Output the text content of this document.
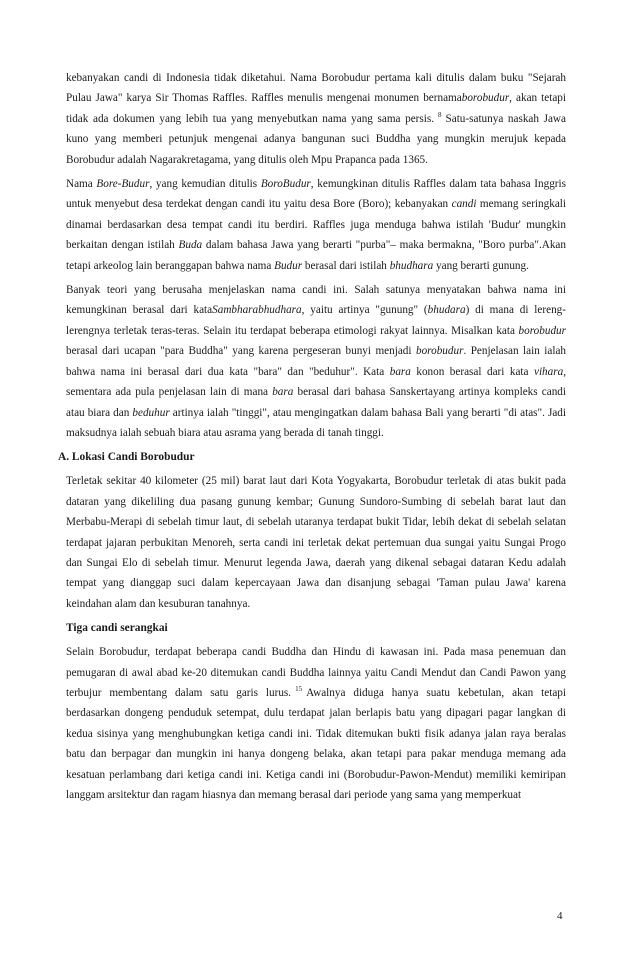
kebanyakan candi di Indonesia tidak diketahui. Nama Borobudur pertama kali ditulis dalam buku "Sejarah Pulau Jawa" karya Sir Thomas Raffles. Raffles menulis mengenai monumen bernamaborobudur, akan tetapi tidak ada dokumen yang lebih tua yang menyebutkan nama yang sama persis. $^8$ Satu-satunya naskah Jawa kuno yang memberi petunjuk mengenai adanya bangunan suci Buddha yang mungkin merujuk kepada Borobudur adalah Nagarakretagama, yang ditulis oleh Mpu Prapanca pada 1365.

Nama Bore-Budur, yang kemudian ditulis BoroBudur, kemungkinan ditulis Raffles dalam tata bahasa Inggris untuk menyebut desa terdekat dengan candi itu yaitu desa Bore (Boro); kebanyakan candi memang seringkali dinamai berdasarkan desa tempat candi itu berdiri. Raffles juga menduga bahwa istilah 'Budur' mungkin berkaitan dengan istilah Buda dalam bahasa Jawa yang berarti "purba"– maka bermakna, "Boro purba".Akan tetapi arkeolog lain beranggapan bahwa nama Budur berasal dari istilah bhudhara yang berarti gunung.

Banyak teori yang berusaha menjelaskan nama candi ini. Salah satunya menyatakan bahwa nama ini kemungkinan berasal dari kataSambharabhudhara, yaitu artinya "gunung" (bhudara) di mana di lereng-lerengnya terletak teras-teras. Selain itu terdapat beberapa etimologi rakyat lainnya. Misalkan kata borobudur berasal dari ucapan "para Buddha" yang karena pergeseran bunyi menjadi borobudur. Penjelasan lain ialah bahwa nama ini berasal dari dua kata "bara" dan "beduhur". Kata bara konon berasal dari kata vihara, sementara ada pula penjelasan lain di mana bara berasal dari bahasa Sanskertayang artinya kompleks candi atau biara dan beduhur artinya ialah "tinggi", atau mengingatkan dalam bahasa Bali yang berarti "di atas". Jadi maksudnya ialah sebuah biara atau asrama yang berada di tanah tinggi.

A. Lokasi Candi Borobudur

Terletak sekitar 40 kilometer (25 mil) barat laut dari Kota Yogyakarta, Borobudur terletak di atas bukit pada dataran yang dikeliling dua pasang gunung kembar; Gunung Sundoro-Sumbing di sebelah barat laut dan Merbabu-Merapi di sebelah timur laut, di sebelah utaranya terdapat bukit Tidar, lebih dekat di sebelah selatan terdapat jajaran perbukitan Menoreh, serta candi ini terletak dekat pertemuan dua sungai yaitu Sungai Progo dan Sungai Elo di sebelah timur. Menurut legenda Jawa, daerah yang dikenal sebagai dataran Kedu adalah tempat yang dianggap suci dalam kepercayaan Jawa dan disanjung sebagai 'Taman pulau Jawa' karena keindahan alam dan kesuburan tanahnya.

Tiga candi serangkai

Selain Borobudur, terdapat beberapa candi Buddha dan Hindu di kawasan ini. Pada masa penemuan dan pemugaran di awal abad ke-20 ditemukan candi Buddha lainnya yaitu Candi Mendut dan Candi Pawon yang terbujur membentang dalam satu garis lurus. $^{15}$ Awalnya diduga hanya suatu kebetulan, akan tetapi berdasarkan dongeng penduduk setempat, dulu terdapat jalan berlapis batu yang dipagari pagar langkan di kedua sisinya yang menghubungkan ketiga candi ini. Tidak ditemukan bukti fisik adanya jalan raya beralas batu dan berpagar dan mungkin ini hanya dongeng belaka, akan tetapi para pakar menduga memang ada kesatuan perlambang dari ketiga candi ini. Ketiga candi ini (Borobudur-Pawon-Mendut) memiliki kemiripan langgam arsitektur dan ragam hiasnya dan memang berasal dari periode yang sama yang memperkuat

4
